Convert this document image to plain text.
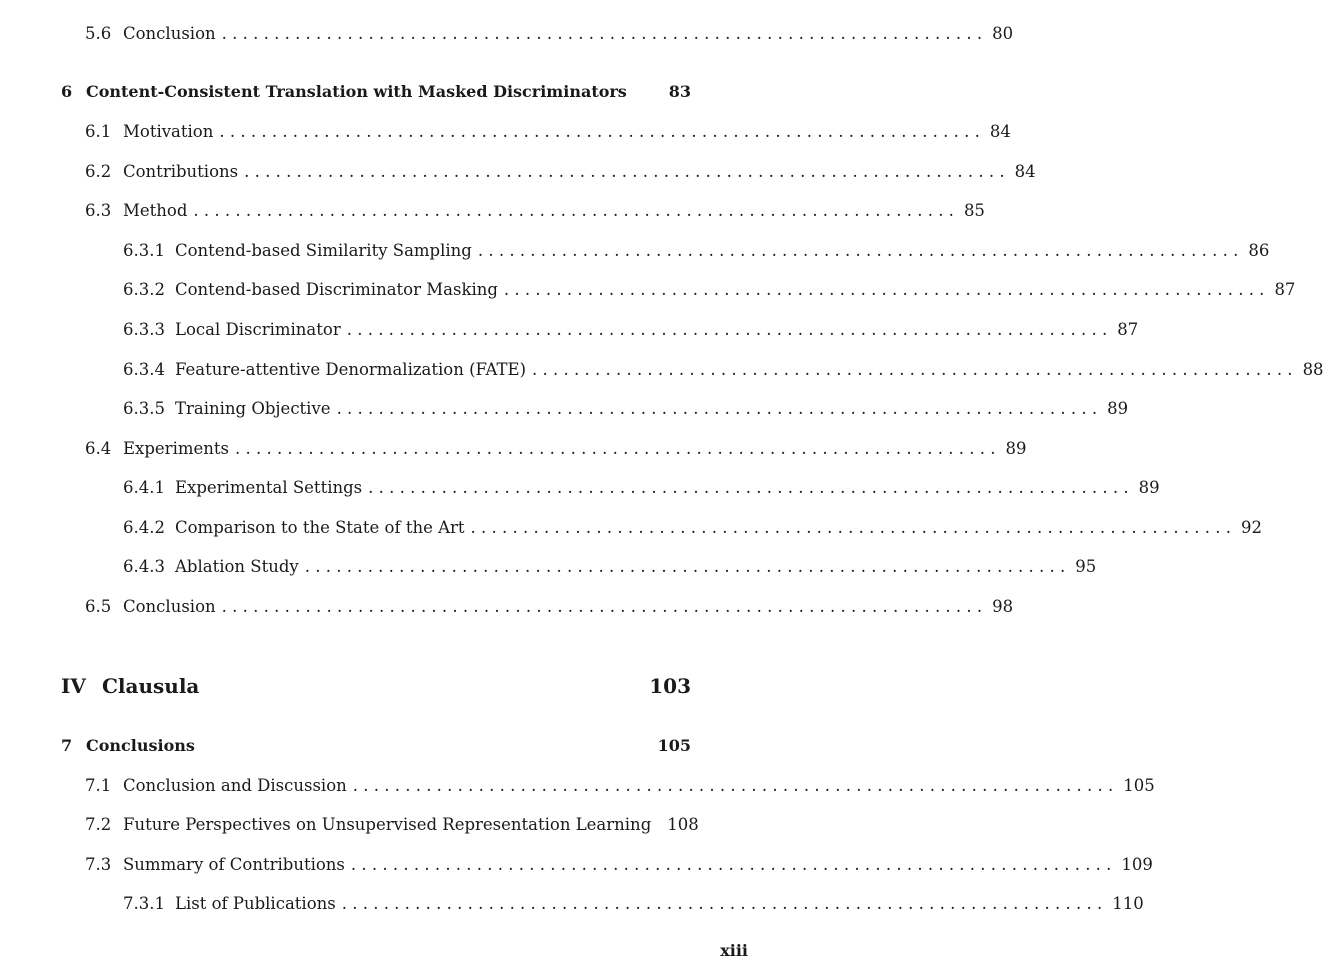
5.6 Conclusion . . . . . . . . . . . . . . . . . . . . . . . . . . . . . . . . . . . . . . . . . . . . . . . . . . . . . . . . . . . . . . . . . . . . . . . . . 80
6 Content-Consistent Translation with Masked Discriminators	83
6.1 Motivation . . . . . . . . . . . . . . . . . . . . . . . . . . . . . . . . . . . . . . . . . . . . . . . . . . . . . . . . . . . . . . . . . . . . . . . . . 84
6.2 Contributions . . . . . . . . . . . . . . . . . . . . . . . . . . . . . . . . . . . . . . . . . . . . . . . . . . . . . . . . . . . . . . . . . . . . . . . . . 84
6.3 Method . . . . . . . . . . . . . . . . . . . . . . . . . . . . . . . . . . . . . . . . . . . . . . . . . . . . . . . . . . . . . . . . . . . . . . . . . 85
6.3.1 Contend-based Similarity Sampling . . . . . . . . . . . . . . . . . . . . . . . . . . . . . . . . . . . . . . . . . . . . . . . . . . . . . . . . . . . . . . . . . . . . . . . . . 86
6.3.2 Contend-based Discriminator Masking . . . . . . . . . . . . . . . . . . . . . . . . . . . . . . . . . . . . . . . . . . . . . . . . . . . . . . . . . . . . . . . . . . . . . . . . . 87
6.3.3 Local Discriminator . . . . . . . . . . . . . . . . . . . . . . . . . . . . . . . . . . . . . . . . . . . . . . . . . . . . . . . . . . . . . . . . . . . . . . . . . 87
6.3.4 Feature-attentive Denormalization (FATE) . . . . . . . . . . . . . . . . . . . . . . . . . . . . . . . . . . . . . . . . . . . . . . . . . . . . . . . . . . . . . . . . . . . . . . . . . 88
6.3.5 Training Objective . . . . . . . . . . . . . . . . . . . . . . . . . . . . . . . . . . . . . . . . . . . . . . . . . . . . . . . . . . . . . . . . . . . . . . . . . 89
6.4 Experiments . . . . . . . . . . . . . . . . . . . . . . . . . . . . . . . . . . . . . . . . . . . . . . . . . . . . . . . . . . . . . . . . . . . . . . . . . 89
6.4.1 Experimental Settings . . . . . . . . . . . . . . . . . . . . . . . . . . . . . . . . . . . . . . . . . . . . . . . . . . . . . . . . . . . . . . . . . . . . . . . . . 89
6.4.2 Comparison to the State of the Art . . . . . . . . . . . . . . . . . . . . . . . . . . . . . . . . . . . . . . . . . . . . . . . . . . . . . . . . . . . . . . . . . . . . . . . . . 92
6.4.3 Ablation Study . . . . . . . . . . . . . . . . . . . . . . . . . . . . . . . . . . . . . . . . . . . . . . . . . . . . . . . . . . . . . . . . . . . . . . . . . 95
6.5 Conclusion . . . . . . . . . . . . . . . . . . . . . . . . . . . . . . . . . . . . . . . . . . . . . . . . . . . . . . . . . . . . . . . . . . . . . . . . . 98
IV Clausula	103
7 Conclusions	105
7.1 Conclusion and Discussion . . . . . . . . . . . . . . . . . . . . . . . . . . . . . . . . . . . . . . . . . . . . . . . . . . . . . . . . . . . . . . . . . . . . . . . . . 105
7.2 Future Perspectives on Unsupervised Representation Learning 108
7.3 Summary of Contributions . . . . . . . . . . . . . . . . . . . . . . . . . . . . . . . . . . . . . . . . . . . . . . . . . . . . . . . . . . . . . . . . . . . . . . . . . 109
7.3.1 List of Publications . . . . . . . . . . . . . . . . . . . . . . . . . . . . . . . . . . . . . . . . . . . . . . . . . . . . . . . . . . . . . . . . . . . . . . . . . 110
xiii
